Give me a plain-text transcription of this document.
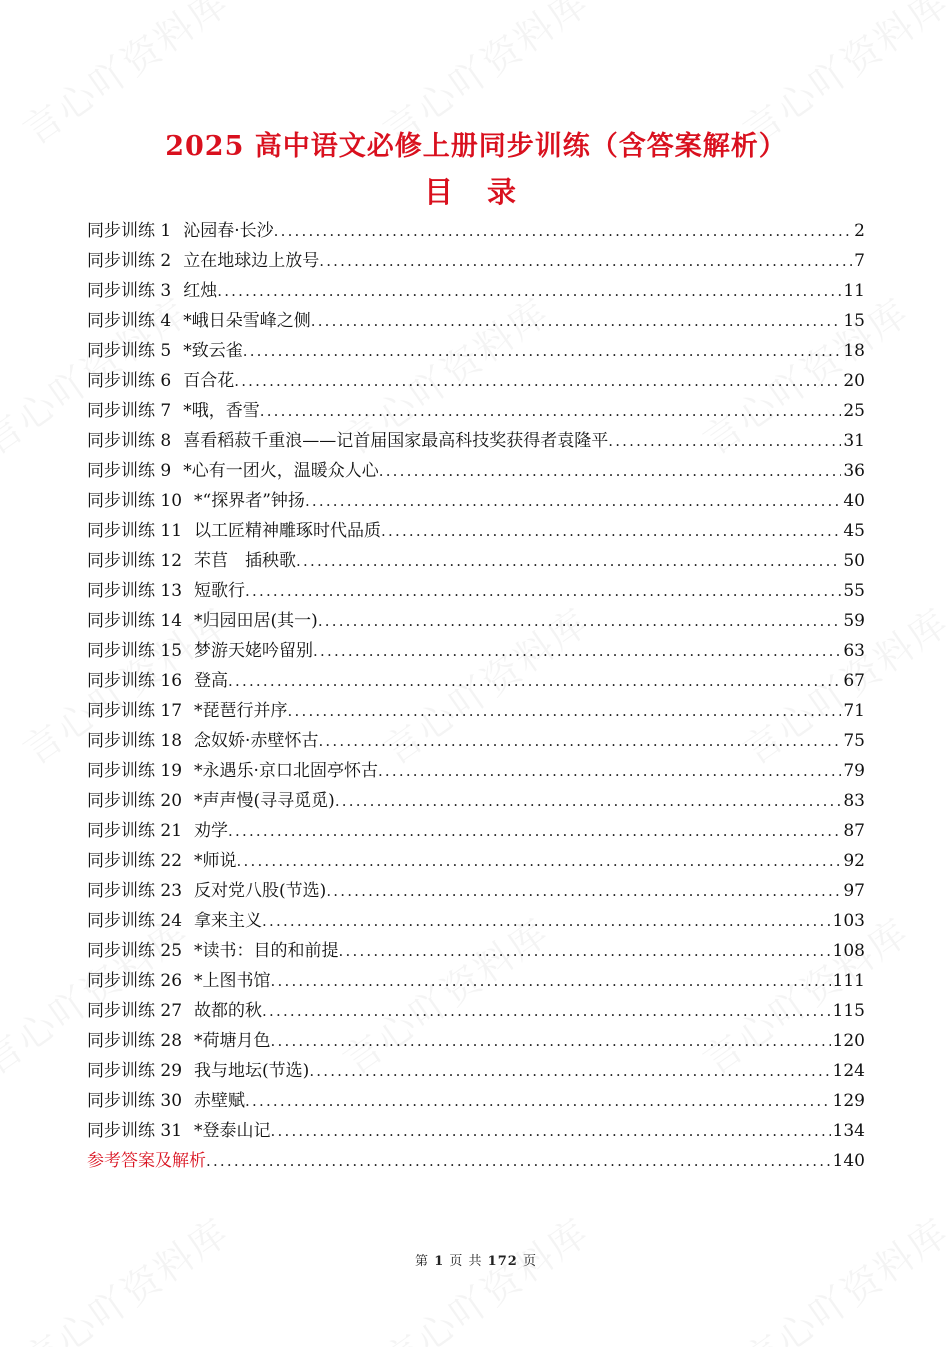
2025 高中语文必修上册同步训练（含答案解析）
目 录
同步训练 1 沁园春·长沙 .....	2
同步训练 2 立在地球边上放号 .....	7
同步训练 3 红烛 .....	11
同步训练 4 *峨日朵雪峰之侧 .....	15
同步训练 5 *致云雀 .....	18
同步训练 6 百合花 .....	20
同步训练 7 *哦，香雪 .....	25
同步训练 8 喜看稻菽千重浪——记首届国家最高科技奖获得者袁隆平 .....	31
同步训练 9 *心有一团火，温暖众人心 .....	36
同步训练 10 *“探界者”钟扬 .....	40
同步训练 11 以工匠精神雕琢时代品质 .....	45
同步训练 12 芣苢　插秧歌 .....	50
同步训练 13 短歌行 .....	55
同步训练 14 *归园田居(其一) .....	59
同步训练 15 梦游天姥吟留别 .....	63
同步训练 16 登高 .....	67
同步训练 17 *琵琶行并序 .....	71
同步训练 18 念奴娇·赤壁怀古 .....	75
同步训练 19 *永遇乐·京口北固亭怀古 .....	79
同步训练 20 *声声慢(寻寻觅觅) .....	83
同步训练 21 劝学 .....	87
同步训练 22 *师说 .....	92
同步训练 23 反对党八股(节选) .....	97
同步训练 24 拿来主义 .....	103
同步训练 25 *读书：目的和前提 .....	108
同步训练 26 *上图书馆 .....	111
同步训练 27 故都的秋 .....	115
同步训练 28 *荷塘月色 .....	120
同步训练 29 我与地坛(节选) .....	124
同步训练 30 赤壁赋 .....	129
同步训练 31 *登泰山记 .....	134
参考答案及解析 .....	140
第 1 页 共 172 页
